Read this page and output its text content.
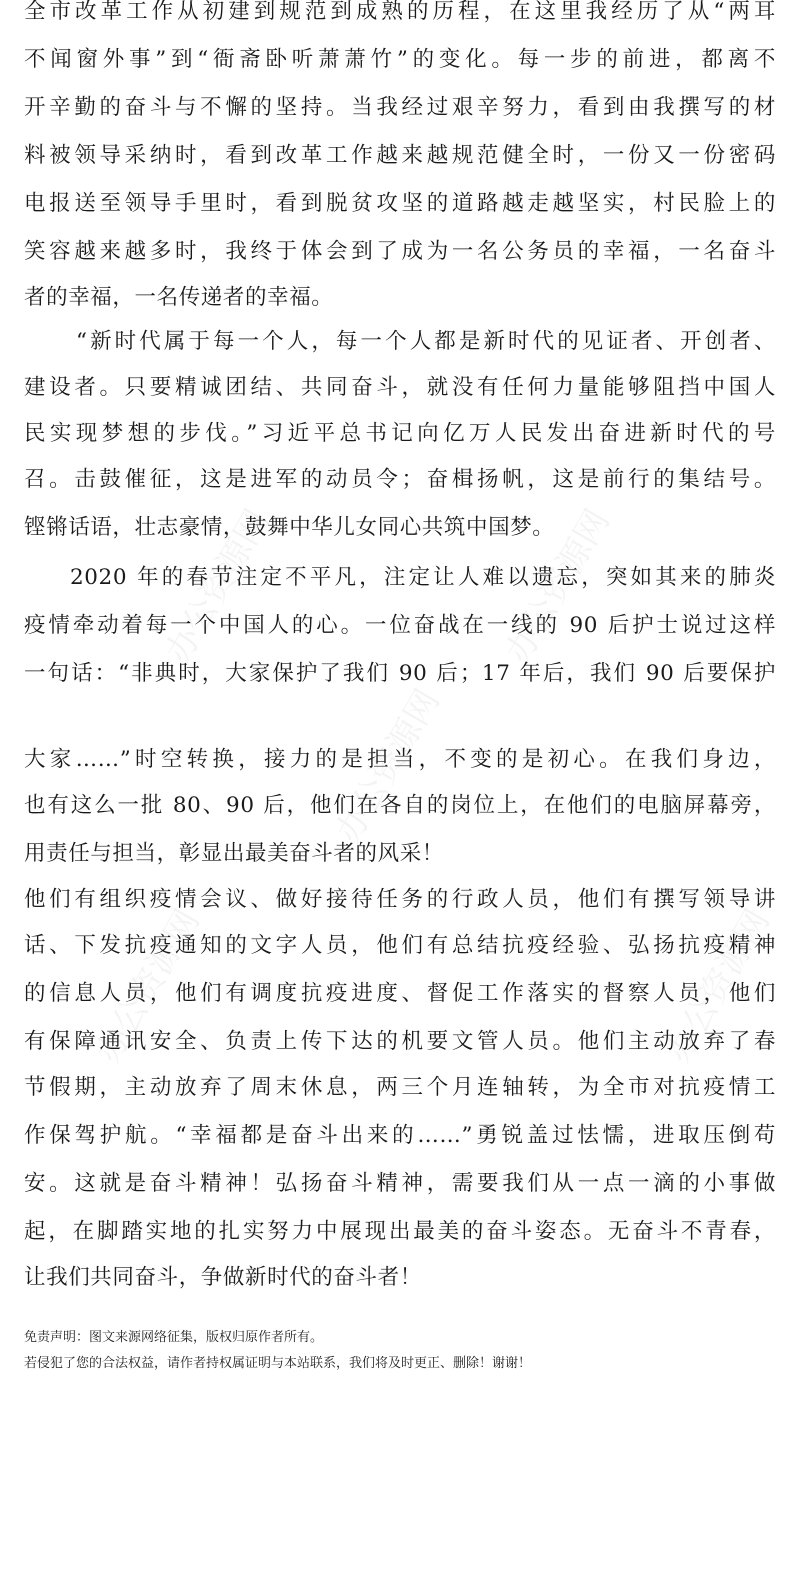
全市改革工作从初建到规范到成熟的历程，在这里我经历了从“两耳
不闻窗外事”到“衙斋卧听萧萧竹”的变化。每一步的前进，都离不
开辛勤的奋斗与不懈的坚持。当我经过艰辛努力，看到由我撰写的材
料被领导采纳时，看到改革工作越来越规范健全时，一份又一份密码
电报送至领导手里时，看到脱贫攻坚的道路越走越坚实，村民脸上的
笑容越来越多时，我终于体会到了成为一名公务员的幸福，一名奋斗
者的幸福，一名传递者的幸福。
“新时代属于每一个人，每一个人都是新时代的见证者、开创者、
建设者。只要精诚团结、共同奋斗，就没有任何力量能够阻挡中国人
民实现梦想的步伐。”习近平总书记向亿万人民发出奋进新时代的号
召。击鼓催征，这是进军的动员令；奋楫扬帆，这是前行的集结号。
铿锵话语，壮志豪情，鼓舞中华儿女同心共筑中国梦。
2020 年的春节注定不平凡，注定让人难以遗忘，突如其来的肺炎
疫情牵动着每一个中国人的心。一位奋战在一线的 90 后护士说过这样
一句话：“非典时，大家保护了我们 90 后；17 年后，我们 90 后要保护
大家……”时空转换，接力的是担当，不变的是初心。在我们身边，
也有这么一批 80、90 后，他们在各自的岗位上，在他们的电脑屏幕旁，
用责任与担当，彰显出最美奋斗者的风采！
他们有组织疫情会议、做好接待任务的行政人员，他们有撰写领导讲
话、下发抗疫通知的文字人员，他们有总结抗疫经验、弘扬抗疫精神
的信息人员，他们有调度抗疫进度、督促工作落实的督察人员，他们
有保障通讯安全、负责上传下达的机要文管人员。他们主动放弃了春
节假期，主动放弃了周末休息，两三个月连轴转，为全市对抗疫情工
作保驾护航。“幸福都是奋斗出来的……”勇锐盖过怯懦，进取压倒苟
安。这就是奋斗精神！弘扬奋斗精神，需要我们从一点一滴的小事做
起，在脚踏实地的扎实努力中展现出最美的奋斗姿态。无奋斗不青春，
让我们共同奋斗，争做新时代的奋斗者！
免责声明：图文来源网络征集，版权归原作者所有。
若侵犯了您的合法权益，请作者持权属证明与本站联系，我们将及时更正、删除！谢谢！
